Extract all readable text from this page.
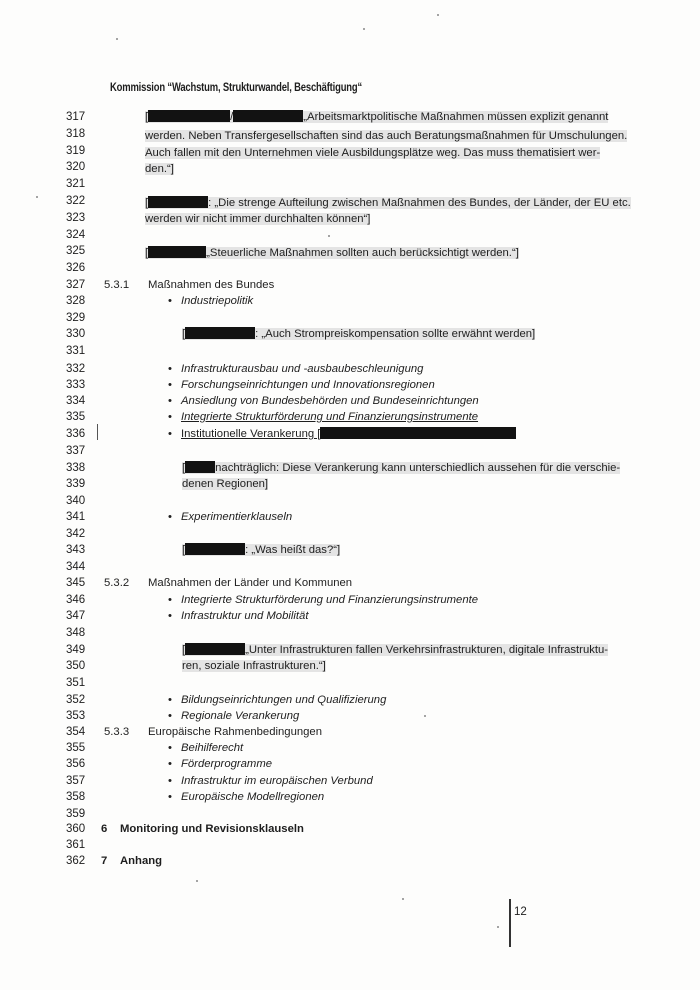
Kommission “Wachstum, Strukturwandel, Beschäftigung“
317
318
319
320
321
322
323
324
325
326
327
328
329
330
331
332
333
334
335
336
337
338
339
340
341
342
343
344
345
346
347
348
349
350
351
352
353
354
355
356
357
358
359
360
361
362
[	/	„Arbeitsmarktpolitische Maßnahmen müssen explizit genannt
werden. Neben Transfergesellschaften sind das auch Beratungsmaßnahmen für Umschulungen.
Auch fallen mit den Unternehmen viele Ausbildungsplätze weg. Das muss thematisiert wer-
den.“]
[	: „Die strenge Aufteilung zwischen Maßnahmen des Bundes, der Länder, der EU etc.
werden wir nicht immer durchhalten können“]
[	„Steuerliche Maßnahmen sollten auch berücksichtigt werden.“]
5.3.1 Maßnahmen des Bundes
• Industriepolitik
[	: „Auch Strompreiskompensation sollte erwähnt werden]
• Infrastrukturausbau und -ausbaubeschleunigung
• Forschungseinrichtungen und Innovationsregionen
• Ansiedlung von Bundesbehörden und Bundeseinrichtungen
• Integrierte Strukturförderung und Finanzierungsinstrumente
• Institutionelle Verankerung [
[	nachträglich: Diese Verankerung kann unterschiedlich aussehen für die verschie-
denen Regionen]
• Experimentierklauseln
[	: „Was heißt das?“]
5.3.2 Maßnahmen der Länder und Kommunen
• Integrierte Strukturförderung und Finanzierungsinstrumente
• Infrastruktur und Mobilität
[	„Unter Infrastrukturen fallen Verkehrsinfrastrukturen, digitale Infrastruktu-
ren, soziale Infrastrukturen.“]
• Bildungseinrichtungen und Qualifizierung
• Regionale Verankerung
5.3.3 Europäische Rahmenbedingungen
• Beihilferecht
• Förderprogramme
• Infrastruktur im europäischen Verbund
• Europäische Modellregionen
6 Monitoring und Revisionsklauseln
7 Anhang
12
